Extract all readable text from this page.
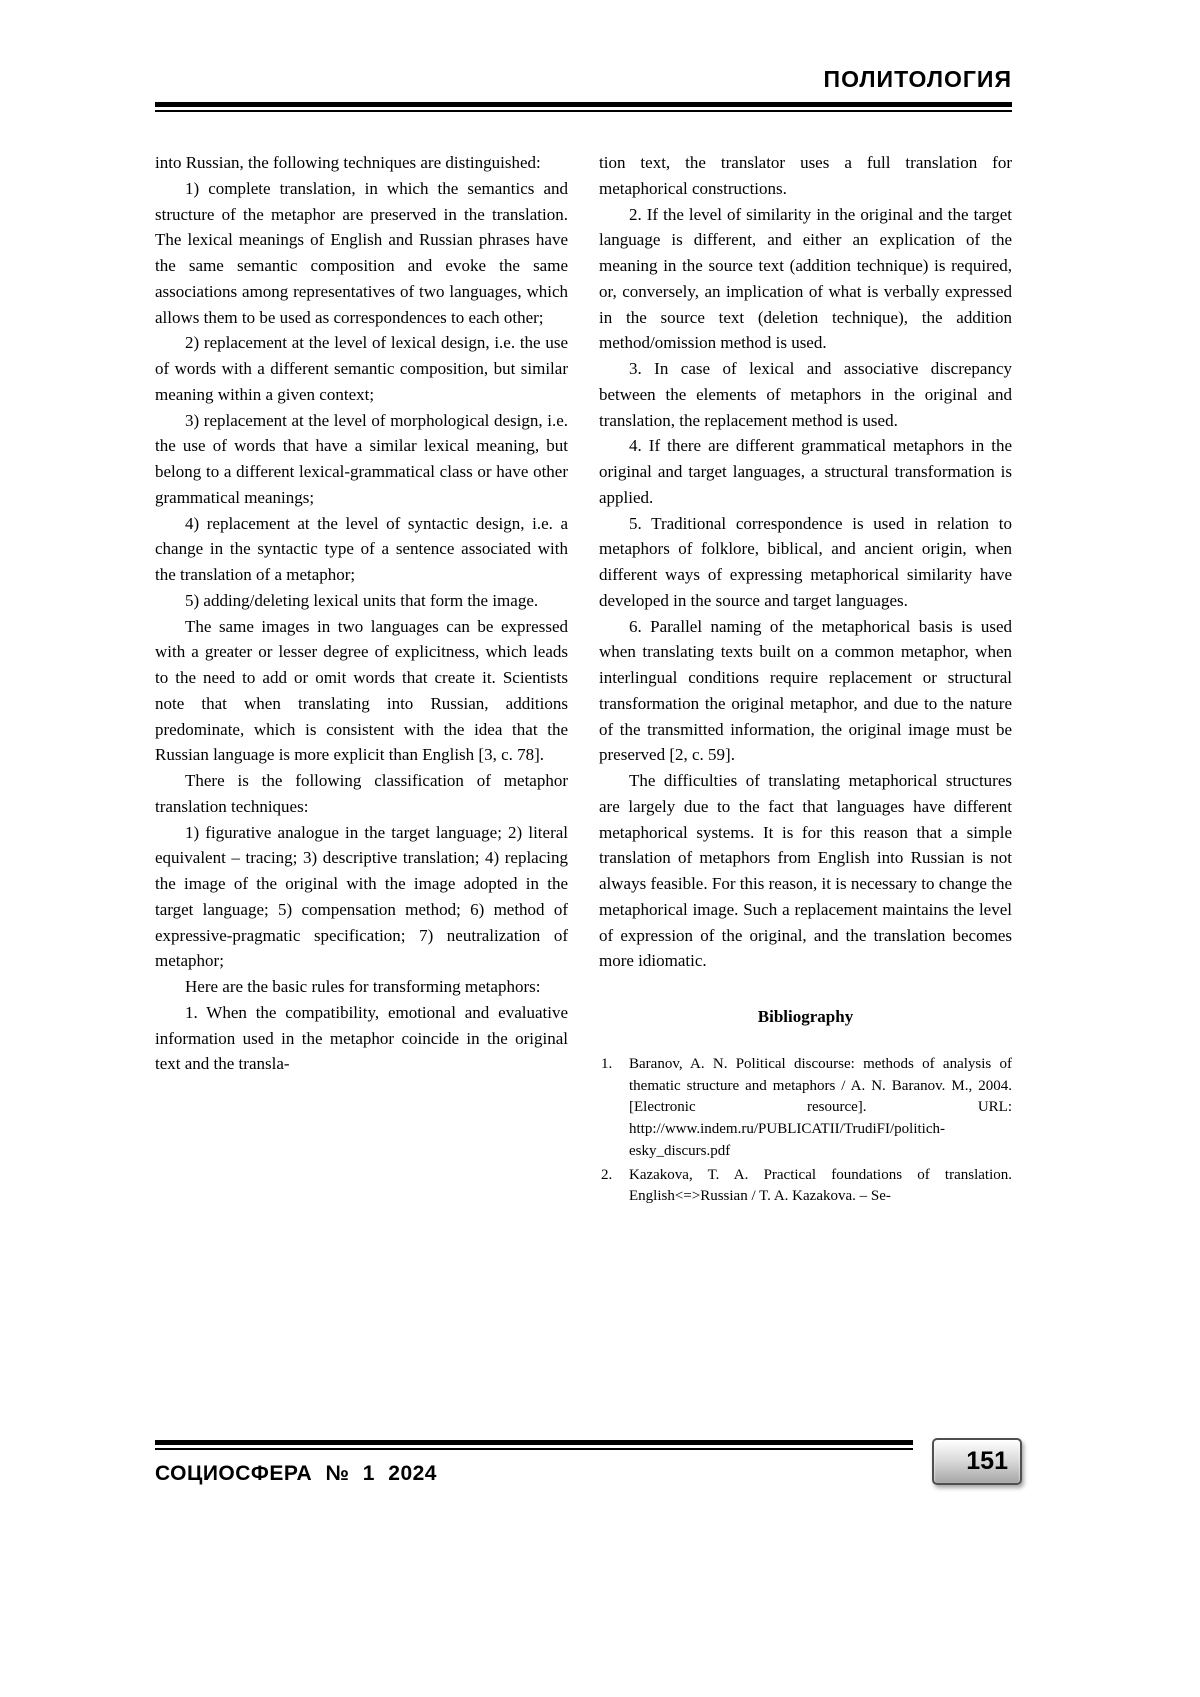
ПОЛИТОЛОГИЯ

into Russian, the following techniques are distinguished:

1) complete translation, in which the semantics and structure of the metaphor are preserved in the translation. The lexical meanings of English and Russian phrases have the same semantic composition and evoke the same associations among representatives of two languages, which allows them to be used as correspondences to each other;

2) replacement at the level of lexical design, i.e. the use of words with a different semantic composition, but similar meaning within a given context;

3) replacement at the level of morphological design, i.e. the use of words that have a similar lexical meaning, but belong to a different lexical-grammatical class or have other grammatical meanings;

4) replacement at the level of syntactic design, i.e. a change in the syntactic type of a sentence associated with the translation of a metaphor;

5) adding/deleting lexical units that form the image.

The same images in two languages can be expressed with a greater or lesser degree of explicitness, which leads to the need to add or omit words that create it. Scientists note that when translating into Russian, additions predominate, which is consistent with the idea that the Russian language is more explicit than English [3, c. 78].

There is the following classification of metaphor translation techniques:

1) figurative analogue in the target language; 2) literal equivalent – tracing; 3) descriptive translation; 4) replacing the image of the original with the image adopted in the target language; 5) compensation method; 6) method of expressive-pragmatic specification; 7) neutralization of metaphor;

Here are the basic rules for transforming metaphors:

1. When the compatibility, emotional and evaluative information used in the metaphor coincide in the original text and the transla-

tion text, the translator uses a full translation for metaphorical constructions.

2. If the level of similarity in the original and the target language is different, and either an explication of the meaning in the source text (addition technique) is required, or, conversely, an implication of what is verbally expressed in the source text (deletion technique), the addition method/omission method is used.

3. In case of lexical and associative discrepancy between the elements of metaphors in the original and translation, the replacement method is used.

4. If there are different grammatical metaphors in the original and target languages, a structural transformation is applied.

5. Traditional correspondence is used in relation to metaphors of folklore, biblical, and ancient origin, when different ways of expressing metaphorical similarity have developed in the source and target languages.

6. Parallel naming of the metaphorical basis is used when translating texts built on a common metaphor, when interlingual conditions require replacement or structural transformation the original metaphor, and due to the nature of the transmitted information, the original image must be preserved [2, c. 59].

The difficulties of translating metaphorical structures are largely due to the fact that languages have different metaphorical systems. It is for this reason that a simple translation of metaphors from English into Russian is not always feasible. For this reason, it is necessary to change the metaphorical image. Such a replacement maintains the level of expression of the original, and the translation becomes more idiomatic.

Bibliography
1.	Baranov, A. N. Political discourse: methods of analysis of thematic structure and metaphors / A. N. Baranov. M., 2004. [Electronic resource]. URL: http://www.indem.ru/PUBLICATII/TrudiFI/politich-esky_discurs.pdf
2.	Kazakova, T. A. Practical foundations of translation. English<=>Russian / T. A. Kazakova. – Se-
СОЦИОСФЕРА № 1 2024	151
